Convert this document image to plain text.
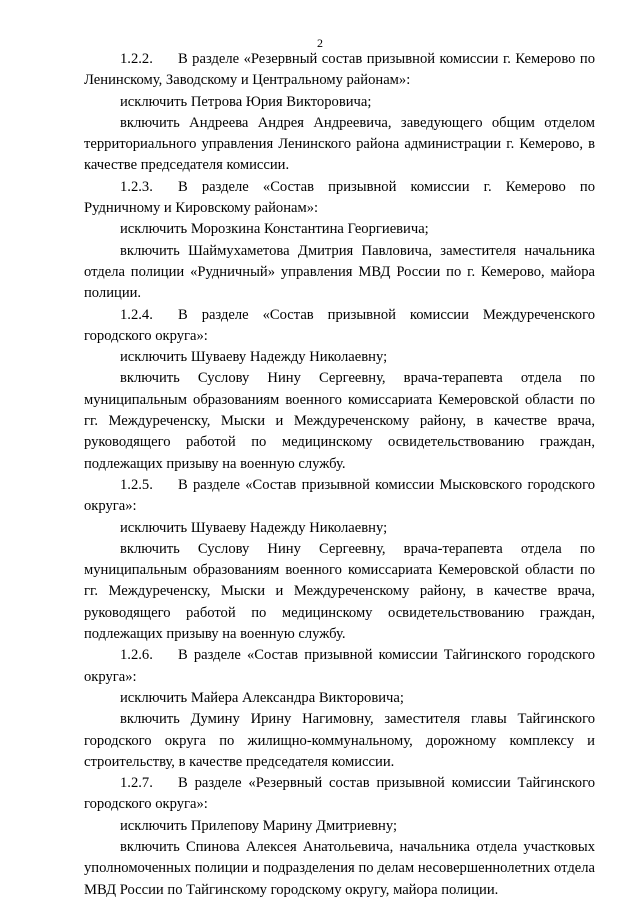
2

1.2.2. В разделе «Резервный состав призывной комиссии г. Кемерово по Ленинскому, Заводскому и Центральному районам»:

исключить Петрова Юрия Викторовича;

включить Андреева Андрея Андреевича, заведующего общим отделом территориального управления Ленинского района администрации г. Кемерово, в качестве председателя комиссии.

1.2.3. В разделе «Состав призывной комиссии г. Кемерово по Рудничному и Кировскому районам»:

исключить Морозкина Константина Георгиевича;

включить Шаймухаметова Дмитрия Павловича, заместителя начальника отдела полиции «Рудничный» управления МВД России по г. Кемерово, майора полиции.

1.2.4. В разделе «Состав призывной комиссии Междуреченского городского округа»:

исключить Шуваеву Надежду Николаевну;

включить Суслову Нину Сергеевну, врача-терапевта отдела по муниципальным образованиям военного комиссариата Кемеровской области по гг. Междуреченску, Мыски и Междуреченскому району, в качестве врача, руководящего работой по медицинскому освидетельствованию граждан, подлежащих призыву на военную службу.

1.2.5. В разделе «Состав призывной комиссии Мысковского городского округа»:

исключить Шуваеву Надежду Николаевну;

включить Суслову Нину Сергеевну, врача-терапевта отдела по муниципальным образованиям военного комиссариата Кемеровской области по гг. Междуреченску, Мыски и Междуреченскому району, в качестве врача, руководящего работой по медицинскому освидетельствованию граждан, подлежащих призыву на военную службу.

1.2.6. В разделе «Состав призывной комиссии Тайгинского городского округа»:

исключить Майера Александра Викторовича;

включить Думину Ирину Нагимовну, заместителя главы Тайгинского городского округа по жилищно-коммунальному, дорожному комплексу и строительству, в качестве председателя комиссии.

1.2.7. В разделе «Резервный состав призывной комиссии Тайгинского городского округа»:

исключить Прилепову Марину Дмитриевну;

включить Спинова Алексея Анатольевича, начальника отдела участковых уполномоченных полиции и подразделения по делам несовершеннолетних отдела МВД России по Тайгинскому городскому округу, майора полиции.
